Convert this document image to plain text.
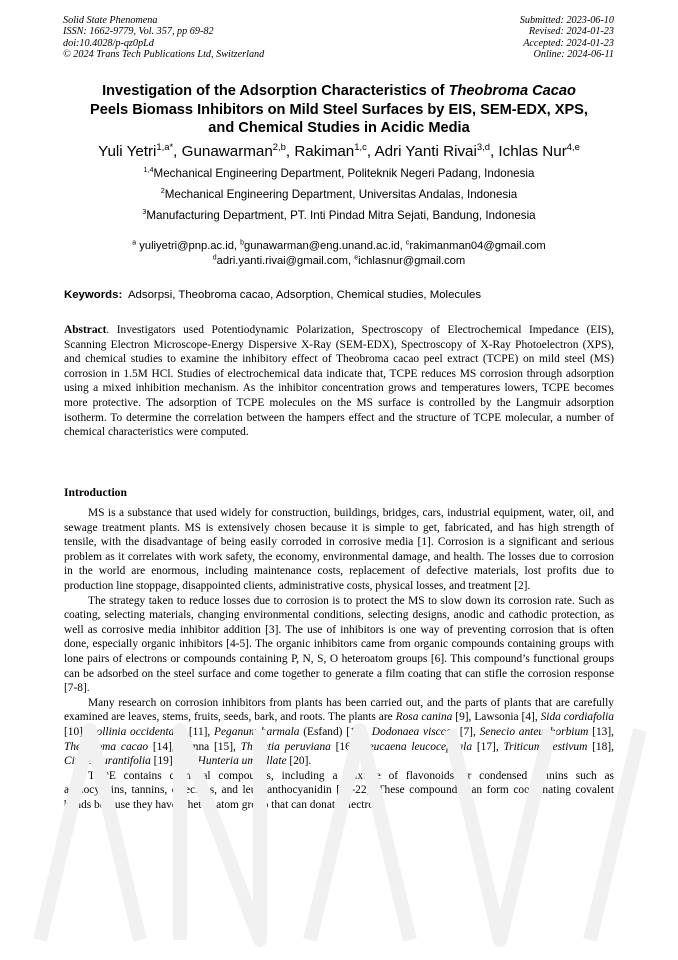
Solid State Phenomena
ISSN: 1662-9779, Vol. 357, pp 69-82
doi:10.4028/p-qz0pLd
© 2024 Trans Tech Publications Ltd, Switzerland
Submitted: 2023-06-10
Revised: 2024-01-23
Accepted: 2024-01-23
Online: 2024-06-11
Investigation of the Adsorption Characteristics of Theobroma Cacao
Peels Biomass Inhibitors on Mild Steel Surfaces by EIS, SEM-EDX, XPS,
and Chemical Studies in Acidic Media
Yuli Yetri$^{1,a*}$, Gunawarman$^{2,b}$, Rakiman$^{1,c}$, Adri Yanti Rivai$^{3,d}$, Ichlas Nur$^{4,e}$
$^{1,4}$Mechanical Engineering Department, Politeknik Negeri Padang, Indonesia
$^2$Mechanical Engineering Department, Universitas Andalas, Indonesia
$^3$Manufacturing Department, PT. Inti Pindad Mitra Sejati, Bandung, Indonesia
$^a$ yuliyetri@pnp.ac.id, $^b$gunawarman@eng.unand.ac.id, $^c$rakimanman04@gmail.com
$^d$adri.yanti.rivai@gmail.com, $^e$ichlasnur@gmail.com
Keywords: Adsorpsi, Theobroma cacao, Adsorption, Chemical studies, Molecules
Abstract. Investigators used Potentiodynamic Polarization, Spectroscopy of Electrochemical Impedance (EIS), Scanning Electron Microscope-Energy Dispersive X-Ray (SEM-EDX), Spectroscopy of X-Ray Photoelectron (XPS), and chemical studies to examine the inhibitory effect of Theobroma cacao peel extract (TCPE) on mild steel (MS) corrosion in 1.5M HCl. Studies of electrochemical data indicate that, TCPE reduces MS corrosion through adsorption using a mixed inhibition mechanism. As the inhibitor concentration grows and temperatures lowers, TCPE becomes more protective. The adsorption of TCPE molecules on the MS surface is controlled by the Langmuir adsorption isotherm. To determine the correlation between the hampers effect and the structure of TCPE molecular, a number of chemical characteristics were computed.
Introduction

MS is a substance that used widely for construction, buildings, bridges, cars, industrial equipment, water, oil, and sewage treatment plants. MS is extensively chosen because it is simple to get, fabricated, and has high strength of tensile, with the disadvantage of being easily corroded in corrosive media [1]. Corrosion is a significant and serious problem as it correlates with work safety, the economy, environmental damage, and health. The losses due to corrosion in the world are enormous, including maintenance costs, replacement of defective materials, lost profits due to production line stoppage, disappointed clients, administrative costs, physical losses, and treatment [2].

The strategy taken to reduce losses due to corrosion is to protect the MS to slow down its corrosion rate. Such as coating, selecting materials, changing environmental conditions, selecting designs, anodic and cathodic protection, as well as corrosive media inhibitor addition [3]. The use of inhibitors is one way of preventing corrosion that is often done, especially organic inhibitors [4-5]. The organic inhibitors came from organic compounds containing groups with lone pairs of electrons or compounds containing P, N, S, O heteroatom groups [6]. This compound’s functional groups can be adsorbed on the steel surface and come together to generate a film coating that can stifle the corrosion response [7-8].

Many research on corrosion inhibitors from plants has been carried out, and the parts of plants that are carefully examined are leaves, stems, fruits, seeds, bark, and roots. The plants are Rosa canina [9], Lawsonia [4], Sida cordiafolia [10], Rollinia occidentalis [11], Peganum harmala (Esfand) [12], Dodonaea viscose [7], Senecio anteuphorbium [13], Theobroma cacao [14], Henna [15], Thevetia peruviana [16], Leucaena leucocephala [17], Triticum aestivum [18], Citrus Aurantifolia [19], and Hunteria umbellate [20].

TCPE contains chemical compounds, including a mixture of flavonoids or condensed tannins such as anthocyanins, tannins, catechins, and leucoanthocyanidin [21-22]. These compounds can form coordinating covalent bonds because they have a heteroatom group that can donate electrons
